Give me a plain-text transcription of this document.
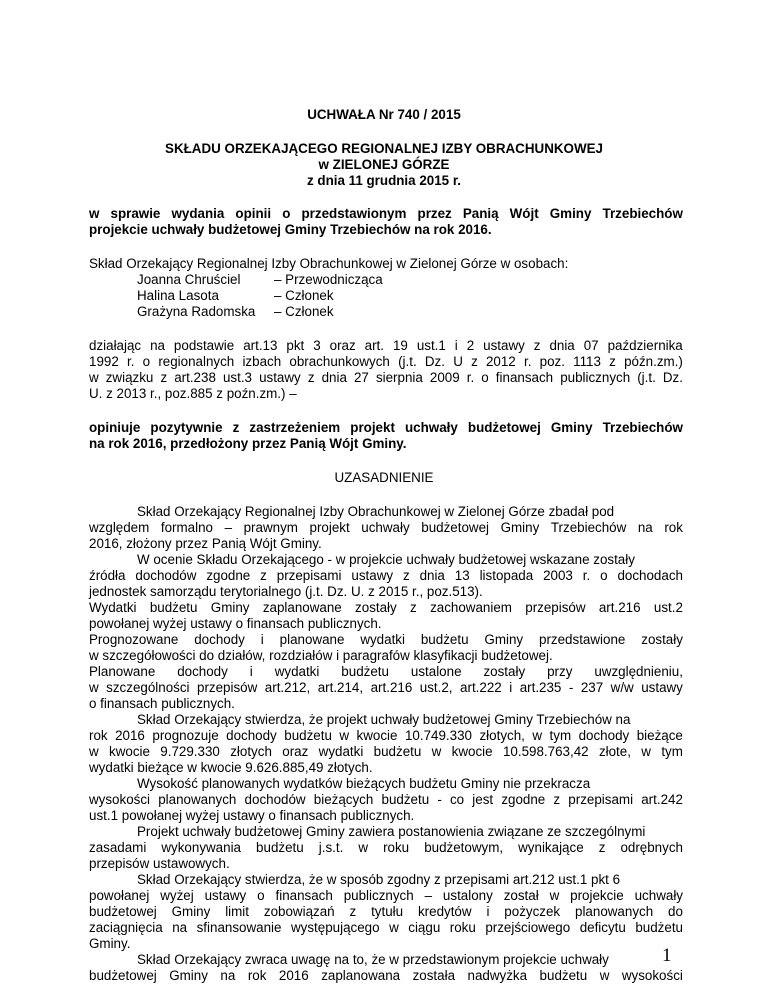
UCHWAŁA Nr 740 / 2015
SKŁADU ORZEKAJĄCEGO REGIONALNEJ IZBY OBRACHUNKOWEJ
w ZIELONEJ GÓRZE
z dnia 11 grudnia 2015 r.
w sprawie wydania opinii o przedstawionym przez Panią Wójt Gminy Trzebiechów
projekcie uchwały budżetowej Gminy Trzebiechów na rok 2016.
Skład Orzekający Regionalnej Izby Obrachunkowej w Zielonej Górze w osobach:
Joanna Chruściel	– Przewodnicząca
Halina Lasota	– Członek
Grażyna Radomska – Członek
działając na podstawie art.13 pkt 3 oraz art. 19 ust.1 i 2 ustawy z dnia 07 października
1992 r. o regionalnych izbach obrachunkowych (j.t. Dz. U z 2012 r. poz. 1113 z późn.zm.)
w związku z art.238 ust.3 ustawy z dnia 27 sierpnia 2009 r. o finansach publicznych (j.t. Dz.
U. z 2013 r., poz.885 z poźn.zm.) –
opiniuje pozytywnie z zastrzeżeniem projekt uchwały budżetowej Gminy Trzebiechów
na rok 2016, przedłożony przez Panią Wójt Gminy.
UZASADNIENIE
Skład Orzekający Regionalnej Izby Obrachunkowej w Zielonej Górze zbadał pod
względem formalno – prawnym projekt uchwały budżetowej Gminy Trzebiechów na rok
2016, złożony przez Panią Wójt Gminy.
W ocenie Składu Orzekającego - w projekcie uchwały budżetowej wskazane zostały
źródła dochodów zgodne z przepisami ustawy z dnia 13 listopada 2003 r. o dochodach
jednostek samorządu terytorialnego (j.t. Dz. U. z 2015 r., poz.513).
Wydatki budżetu Gminy zaplanowane zostały z zachowaniem przepisów art.216 ust.2
powołanej wyżej ustawy o finansach publicznych.
Prognozowane dochody i planowane wydatki budżetu Gminy przedstawione zostały
w szczegółowości do działów, rozdziałów i paragrafów klasyfikacji budżetowej.
Planowane dochody i wydatki budżetu ustalone zostały przy uwzględnieniu,
w szczególności przepisów art.212, art.214, art.216 ust.2, art.222 i art.235 - 237 w/w ustawy
o finansach publicznych.
Skład Orzekający stwierdza, że projekt uchwały budżetowej Gminy Trzebiechów na
rok 2016 prognozuje dochody budżetu w kwocie 10.749.330 złotych, w tym dochody bieżące
w kwocie 9.729.330 złotych oraz wydatki budżetu w kwocie 10.598.763,42 złote, w tym
wydatki bieżące w kwocie 9.626.885,49 złotych.
Wysokość planowanych wydatków bieżących budżetu Gminy nie przekracza
wysokości planowanych dochodów bieżących budżetu - co jest zgodne z przepisami art.242
ust.1 powołanej wyżej ustawy o finansach publicznych.
Projekt uchwały budżetowej Gminy zawiera postanowienia związane ze szczególnymi
zasadami wykonywania budżetu j.s.t. w roku budżetowym, wynikające z odrębnych
przepisów ustawowych.
Skład Orzekający stwierdza, że w sposób zgodny z przepisami art.212 ust.1 pkt 6
powołanej wyżej ustawy o finansach publicznych – ustalony został w projekcie uchwały
budżetowej Gminy limit zobowiązań z tytułu kredytów i pożyczek planowanych do
zaciągnięcia na sfinansowanie występującego w ciągu roku przejściowego deficytu budżetu
Gminy.
Skład Orzekający zwraca uwagę na to, że w przedstawionym projekcie uchwały
budżetowej Gminy na rok 2016 zaplanowana została nadwyżka budżetu w wysokości
1
